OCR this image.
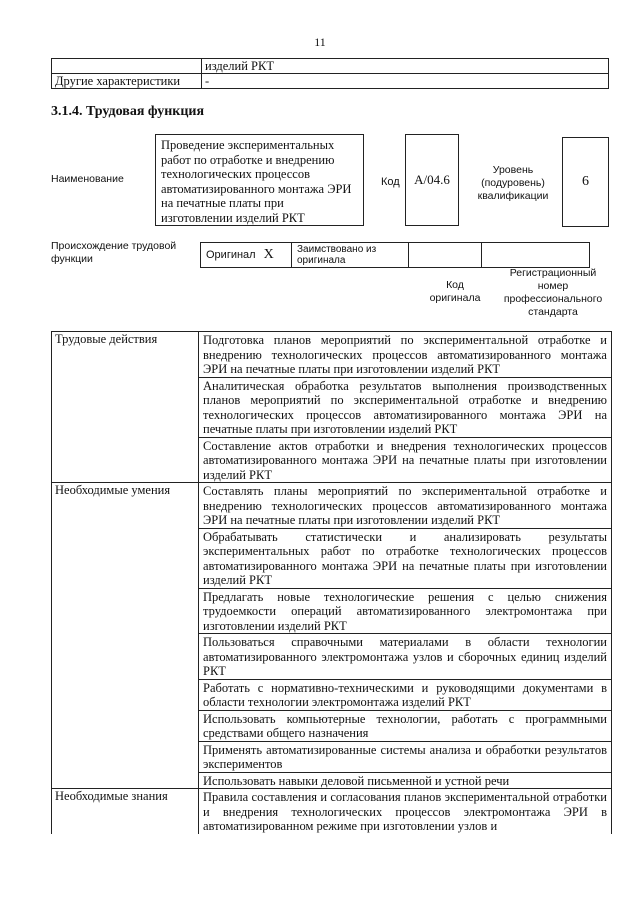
11
	изделий РКТ
Другие характеристики	-
3.1.4. Трудовая функция
Наименование
Проведение экспериментальных работ по отработке и внедрению технологических процессов автоматизированного монтажа ЭРИ на печатные платы при изготовлении изделий РКТ
Код	А/04.6
Уровень (подуровень) квалификации
6
Происхождение трудовой функции	Оригинал Х	Заимствовано из оригинала		
Код оригинала
Регистрационный номер профессионального стандарта
Трудовые действия	Подготовка планов мероприятий по экспериментальной отработке и внедрению технологических процессов автоматизированного монтажа ЭРИ на печатные платы при изготовлении изделий РКТ
	Аналитическая обработка результатов выполнения производственных планов мероприятий по экспериментальной отработке и внедрению технологических процессов автоматизированного монтажа ЭРИ на печатные платы при изготовлении изделий РКТ
	Составление актов отработки и внедрения технологических процессов автоматизированного монтажа ЭРИ на печатные платы при изготовлении изделий РКТ
Необходимые умения	Составлять планы мероприятий по экспериментальной отработке и внедрению технологических процессов автоматизированного монтажа ЭРИ на печатные платы при изготовлении изделий РКТ
	Обрабатывать статистически и анализировать результаты экспериментальных работ по отработке технологических процессов автоматизированного монтажа ЭРИ на печатные платы при изготовлении изделий РКТ
	Предлагать новые технологические решения с целью снижения трудоемкости операций автоматизированного электромонтажа при изготовлении изделий РКТ
	Пользоваться справочными материалами в области технологии автоматизированного электромонтажа узлов и сборочных единиц изделий РКТ
	Работать с нормативно-техническими и руководящими документами в области технологии электромонтажа изделий РКТ
	Использовать компьютерные технологии, работать с программными средствами общего назначения
	Применять автоматизированные системы анализа и обработки результатов экспериментов
	Использовать навыки деловой письменной и устной речи
Необходимые знания	Правила составления и согласования планов экспериментальной отработки и внедрения технологических процессов электромонтажа ЭРИ в автоматизированном режиме при изготовлении узлов и
